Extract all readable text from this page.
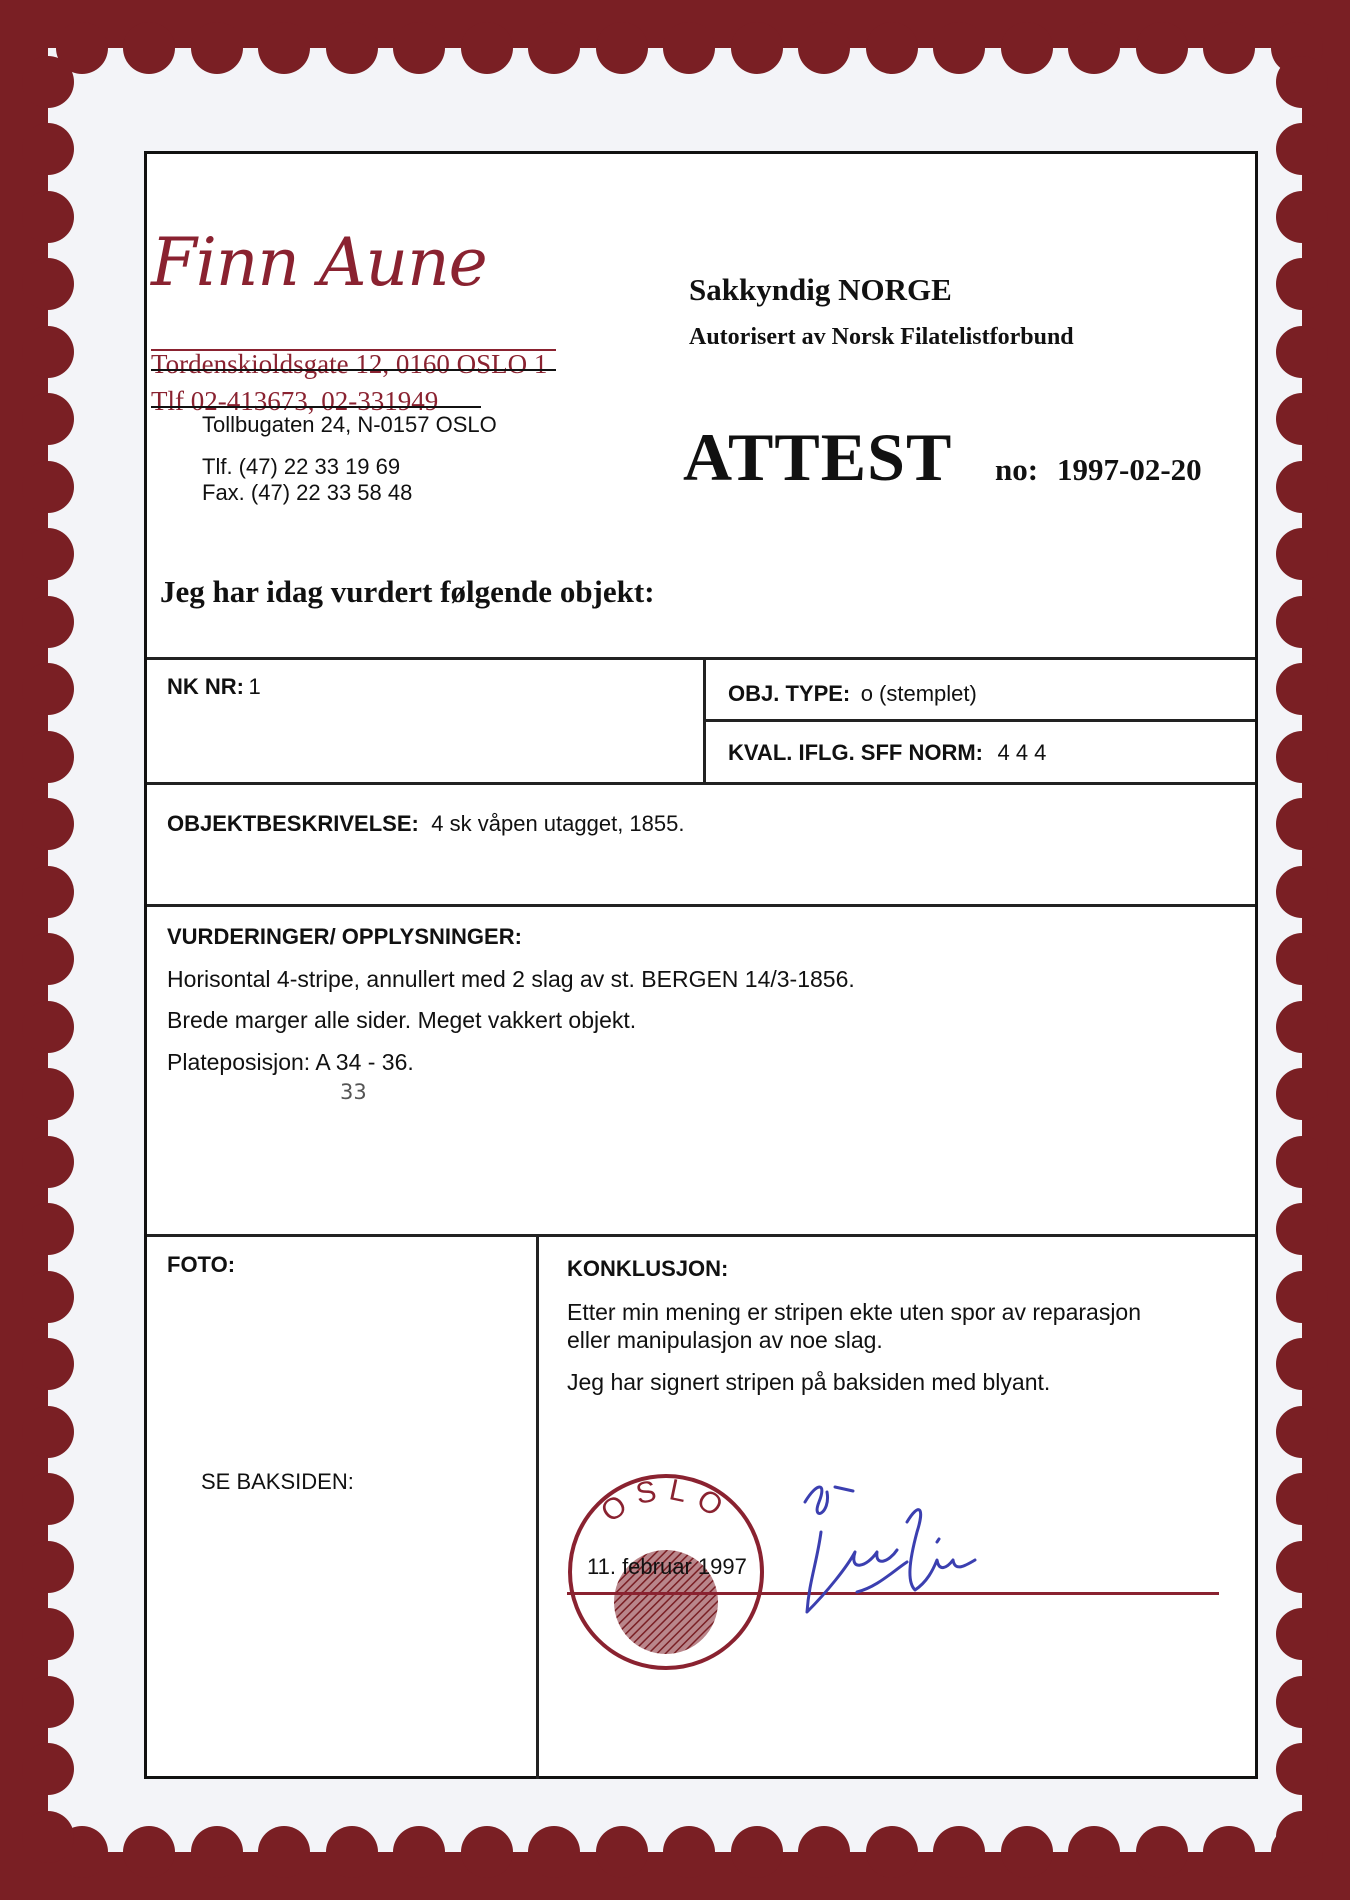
Finn Aune
Tordenskioldsgate 12, 0160 OSLO 1
Tlf 02-413673, 02-331949
Tollbugaten 24, N-0157 OSLO
Tlf. (47) 22 33 19 69
Fax. (47) 22 33 58 48
Sakkyndig NORGE
Autorisert av Norsk Filatelistforbund
ATTEST no: 1997-02-20
Jeg har idag vurdert følgende objekt:
NK NR: 1	OBJ. TYPE: o (stemplet)
KVAL. IFLG. SFF NORM: 4 4 4
OBJEKTBESKRIVELSE: 4 sk våpen utagget, 1855.
VURDERINGER/ OPPLYSNINGER:
Horisontal 4-stripe, annullert med 2 slag av st. BERGEN 14/3-1856.
Brede marger alle sider. Meget vakkert objekt.
Plateposisjon: A 34 - 36.
33
FOTO:
SE BAKSIDEN:
KONKLUSJON:
Etter min mening er stripen ekte uten spor av reparasjon
eller manipulasjon av noe slag.
Jeg har signert stripen på baksiden med blyant.
OSLO
11. februar 1997
